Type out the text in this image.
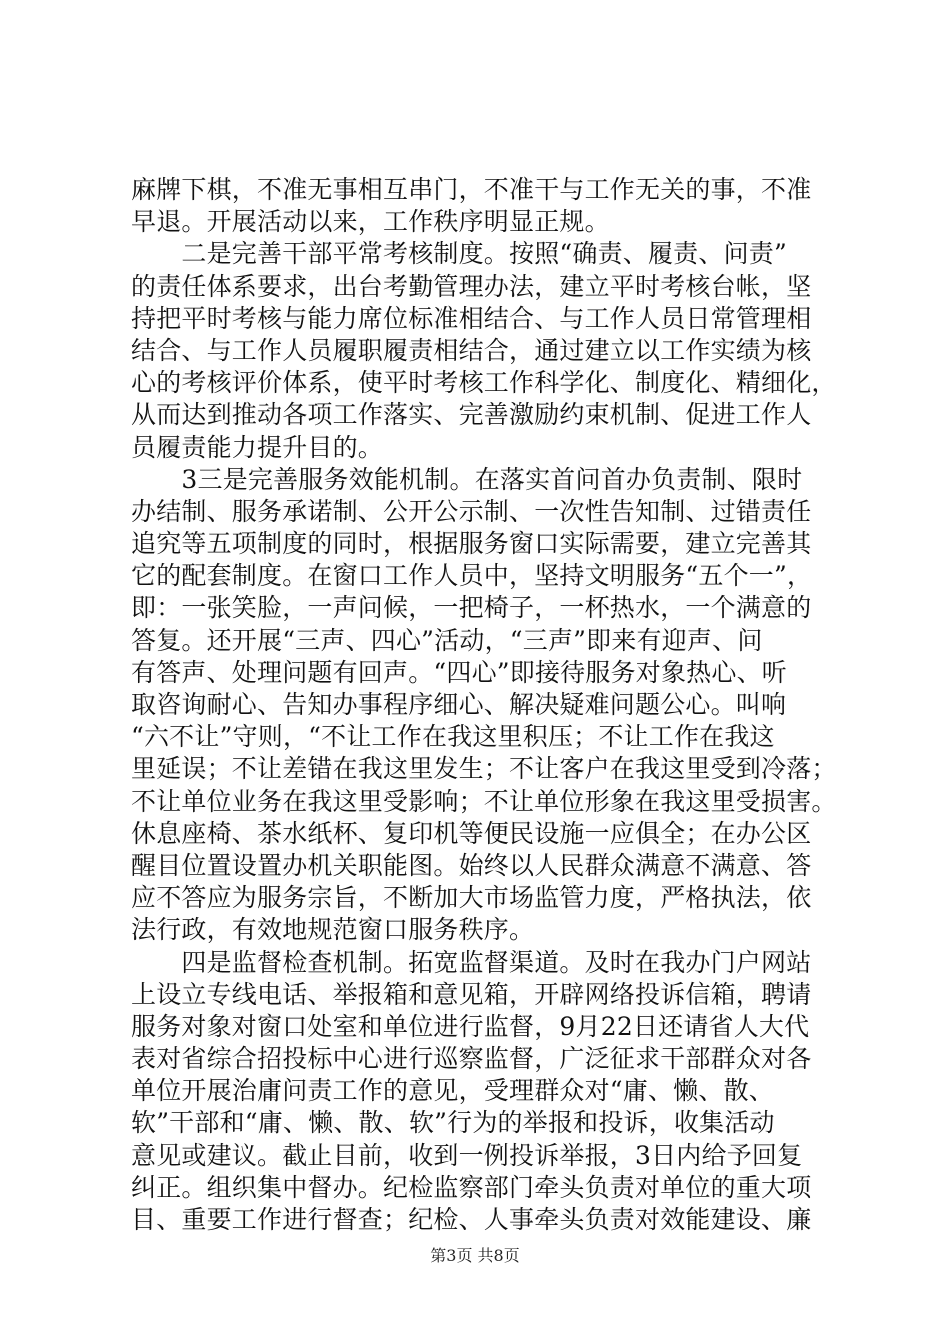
麻牌下棋，不准无事相互串门，不准干与工作无关的事，不准
早退。开展活动以来，工作秩序明显正规。
　　二是完善干部平常考核制度。按照“确责、履责、问责”
的责任体系要求，出台考勤管理办法，建立平时考核台帐，坚
持把平时考核与能力席位标准相结合、与工作人员日常管理相
结合、与工作人员履职履责相结合，通过建立以工作实绩为核
心的考核评价体系，使平时考核工作科学化、制度化、精细化，
从而达到推动各项工作落实、完善激励约束机制、促进工作人
员履责能力提升目的。
　　3三是完善服务效能机制。在落实首问首办负责制、限时
办结制、服务承诺制、公开公示制、一次性告知制、过错责任
追究等五项制度的同时，根据服务窗口实际需要，建立完善其
它的配套制度。在窗口工作人员中，坚持文明服务“五个一”，
即：一张笑脸，一声问候，一把椅子，一杯热水，一个满意的
答复。还开展“三声、四心”活动，“三声”即来有迎声、问
有答声、处理问题有回声。“四心”即接待服务对象热心、听
取咨询耐心、告知办事程序细心、解决疑难问题公心。叫响
“六不让”守则，“不让工作在我这里积压；不让工作在我这
里延误；不让差错在我这里发生；不让客户在我这里受到冷落；
不让单位业务在我这里受影响；不让单位形象在我这里受损害。
休息座椅、茶水纸杯、复印机等便民设施一应俱全；在办公区
醒目位置设置办机关职能图。始终以人民群众满意不满意、答
应不答应为服务宗旨，不断加大市场监管力度，严格执法，依
法行政，有效地规范窗口服务秩序。
　　四是监督检查机制。拓宽监督渠道。及时在我办门户网站
上设立专线电话、举报箱和意见箱，开辟网络投诉信箱，聘请
服务对象对窗口处室和单位进行监督，9月22日还请省人大代
表对省综合招投标中心进行巡察监督，广泛征求干部群众对各
单位开展治庸问责工作的意见，受理群众对“庸、懒、散、
软”干部和“庸、懒、散、软”行为的举报和投诉，收集活动
意见或建议。截止目前，收到一例投诉举报，3日内给予回复
纠正。组织集中督办。纪检监察部门牵头负责对单位的重大项
目、重要工作进行督查；纪检、人事牵头负责对效能建设、廉
第3页 共8页
